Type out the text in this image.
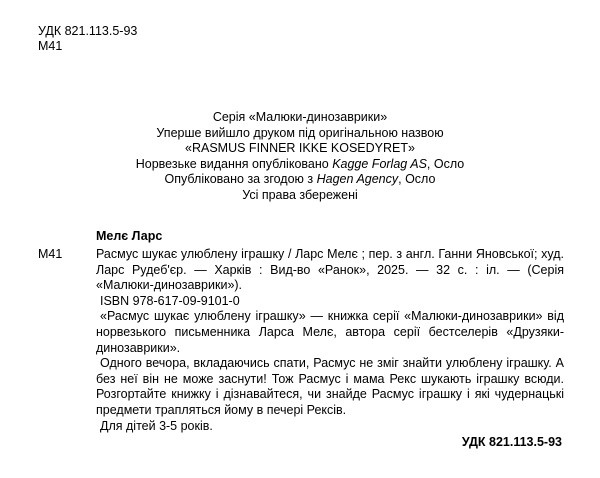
УДК 821.113.5-93
М41
Серія «Малюки-динозаврики»
Уперше вийшло друком під оригінальною назвою
«RASMUS FINNER IKKE KOSEDYRET»
Норвезьке видання опубліковано Kagge Forlag AS, Осло
Опубліковано за згодою з Hagen Agency, Осло
Усі права збережені
Мелє Ларс
М41	Расмус шукає улюблену іграшку / Ларс Мелє ; пер. з англ. Ганни Яновської; худ. Ларс Рудеб'єр. — Харків : Вид-во «Ранок», 2025. — 32 с. : іл. — (Серія «Малюки-динозаврики»).

ISBN 978-617-09-9101-0

«Расмус шукає улюблену іграшку» — книжка серії «Малюки-динозаврики» від норвезького письменника Ларса Мелє, автора серії бестселерів «Друзяки-динозаврики».

Одного вечора, вкладаючись спати, Расмус не зміг знайти улюблену іграшку. А без неї він не може заснути! Тож Расмус і мама Рекс шукають іграшку всюди. Розгортайте книжку і дізнавайтеся, чи знайде Расмус іграшку і які чудернацькі предмети трапляться йому в печері Рексів.

Для дітей 3-5 років.

УДК 821.113.5-93
